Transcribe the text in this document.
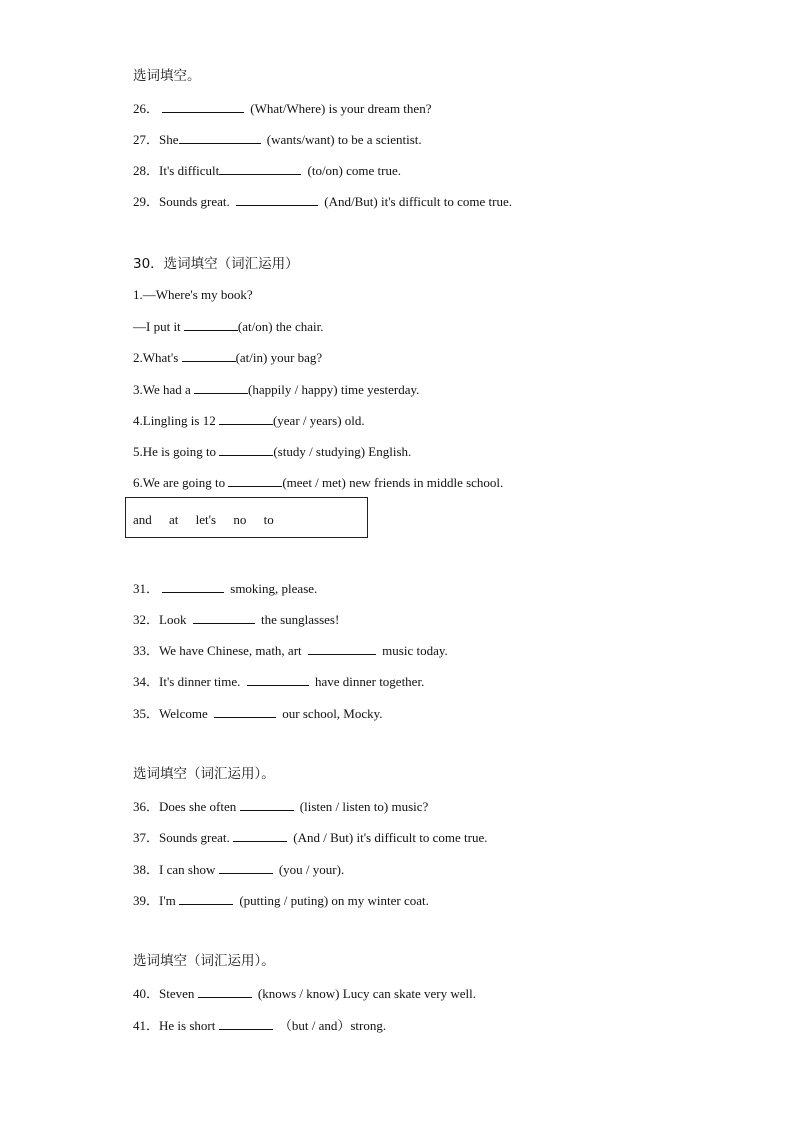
选词填空。
26．	(What/Where) is your dream then?
27．She	(wants/want) to be a scientist.
28．It's difficult	(to/on) come true.
29．Sounds great.	(And/But) it's difficult to come true.
30．选词填空（词汇运用）
1.—Where's my book?
—I put it	(at/on) the chair.
2.What's	(at/in) your bag?
3.We had a	(happily / happy) time yesterday.
4.Lingling is 12	(year / years) old.
5.He is going to	(study / studying) English.
6.We are going to	(meet / met) new friends in middle school.
and at let's no to
31．	smoking, please.
32．Look	the sunglasses!
33．We have Chinese, math, art	music today.
34．It's dinner time.	have dinner together.
35．Welcome	our school, Mocky.
选词填空（词汇运用）。
36．Does she often	(listen / listen to) music?
37．Sounds great.	(And / But) it's difficult to come true.
38．I can show	(you / your).
39．I'm	(putting / puting) on my winter coat.
选词填空（词汇运用）。
40．Steven	(knows / know) Lucy can skate very well.
41．He is short	（but / and）strong.
